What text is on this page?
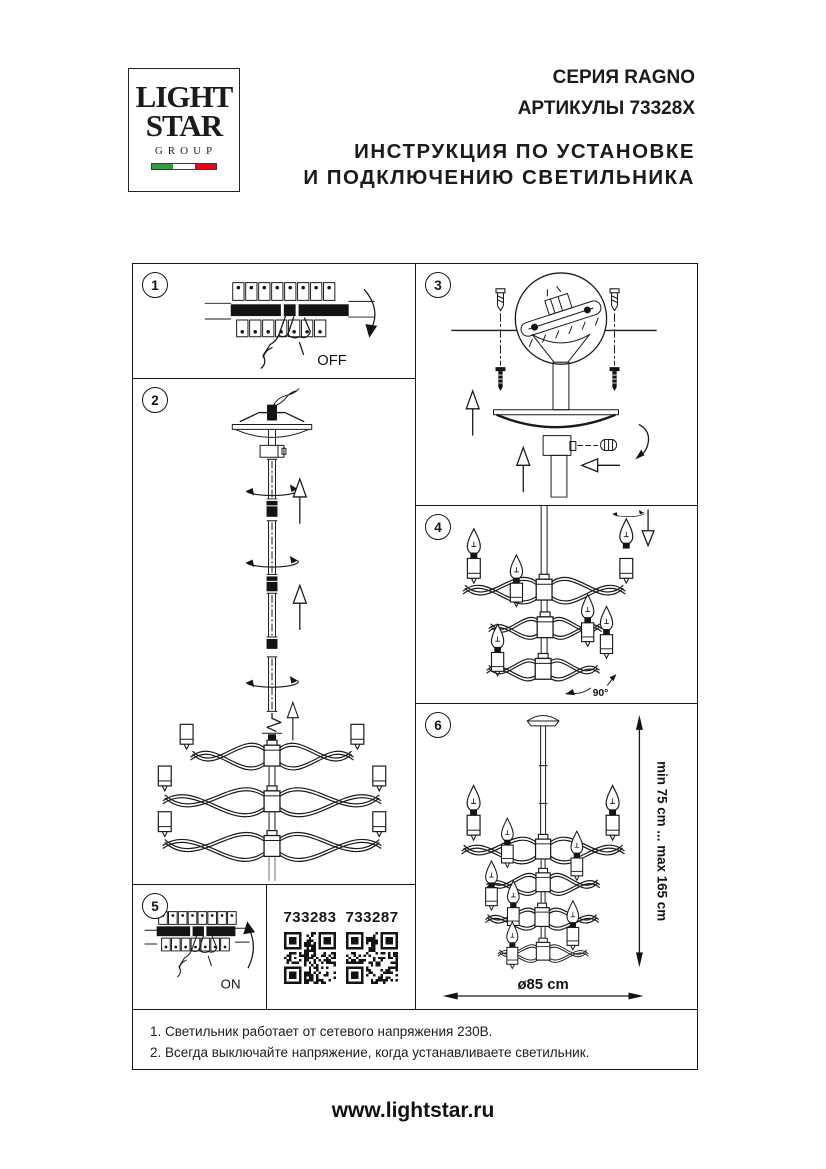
LIGHT
STAR
GROUP
СЕРИЯ RAGNO
АРТИКУЛЫ 73328X
ИНСТРУКЦИЯ ПО УСТАНОВКЕ
И ПОДКЛЮЧЕНИЮ СВЕТИЛЬНИКА
1
OFF
2
3
4
90°
5
ON
733283 733287
6
min 75 cm ... max 165 cm
ø85 cm
1. Светильник работает от сетевого напряжения 230В.
2. Всегда выключайте напряжение, когда устанавливаете светильник.
www.lightstar.ru
